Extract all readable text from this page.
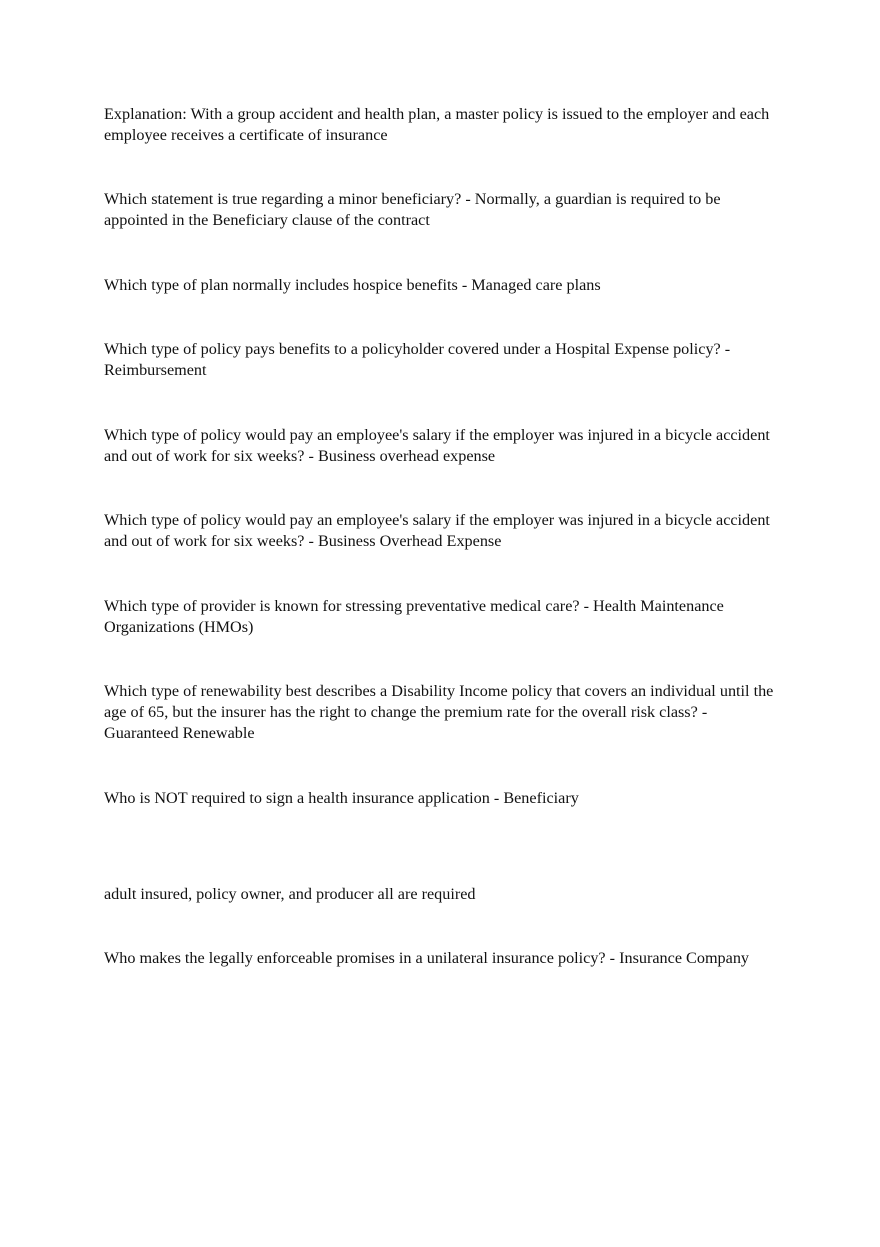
Explanation: With a group accident and health plan, a master policy is issued to the employer and each employee receives a certificate of insurance

Which statement is true regarding a minor beneficiary? - Normally, a guardian is required to be appointed in the Beneficiary clause of the contract

Which type of plan normally includes hospice benefits - Managed care plans

Which type of policy pays benefits to a policyholder covered under a Hospital Expense policy? - Reimbursement

Which type of policy would pay an employee's salary if the employer was injured in a bicycle accident and out of work for six weeks? - Business overhead expense

Which type of policy would pay an employee's salary if the employer was injured in a bicycle accident and out of work for six weeks? - Business Overhead Expense

Which type of provider is known for stressing preventative medical care? - Health Maintenance Organizations (HMOs)

Which type of renewability best describes a Disability Income policy that covers an individual until the age of 65, but the insurer has the right to change the premium rate for the overall risk class? - Guaranteed Renewable

Who is NOT required to sign a health insurance application - Beneficiary

adult insured, policy owner, and producer all are required

Who makes the legally enforceable promises in a unilateral insurance policy? - Insurance Company
